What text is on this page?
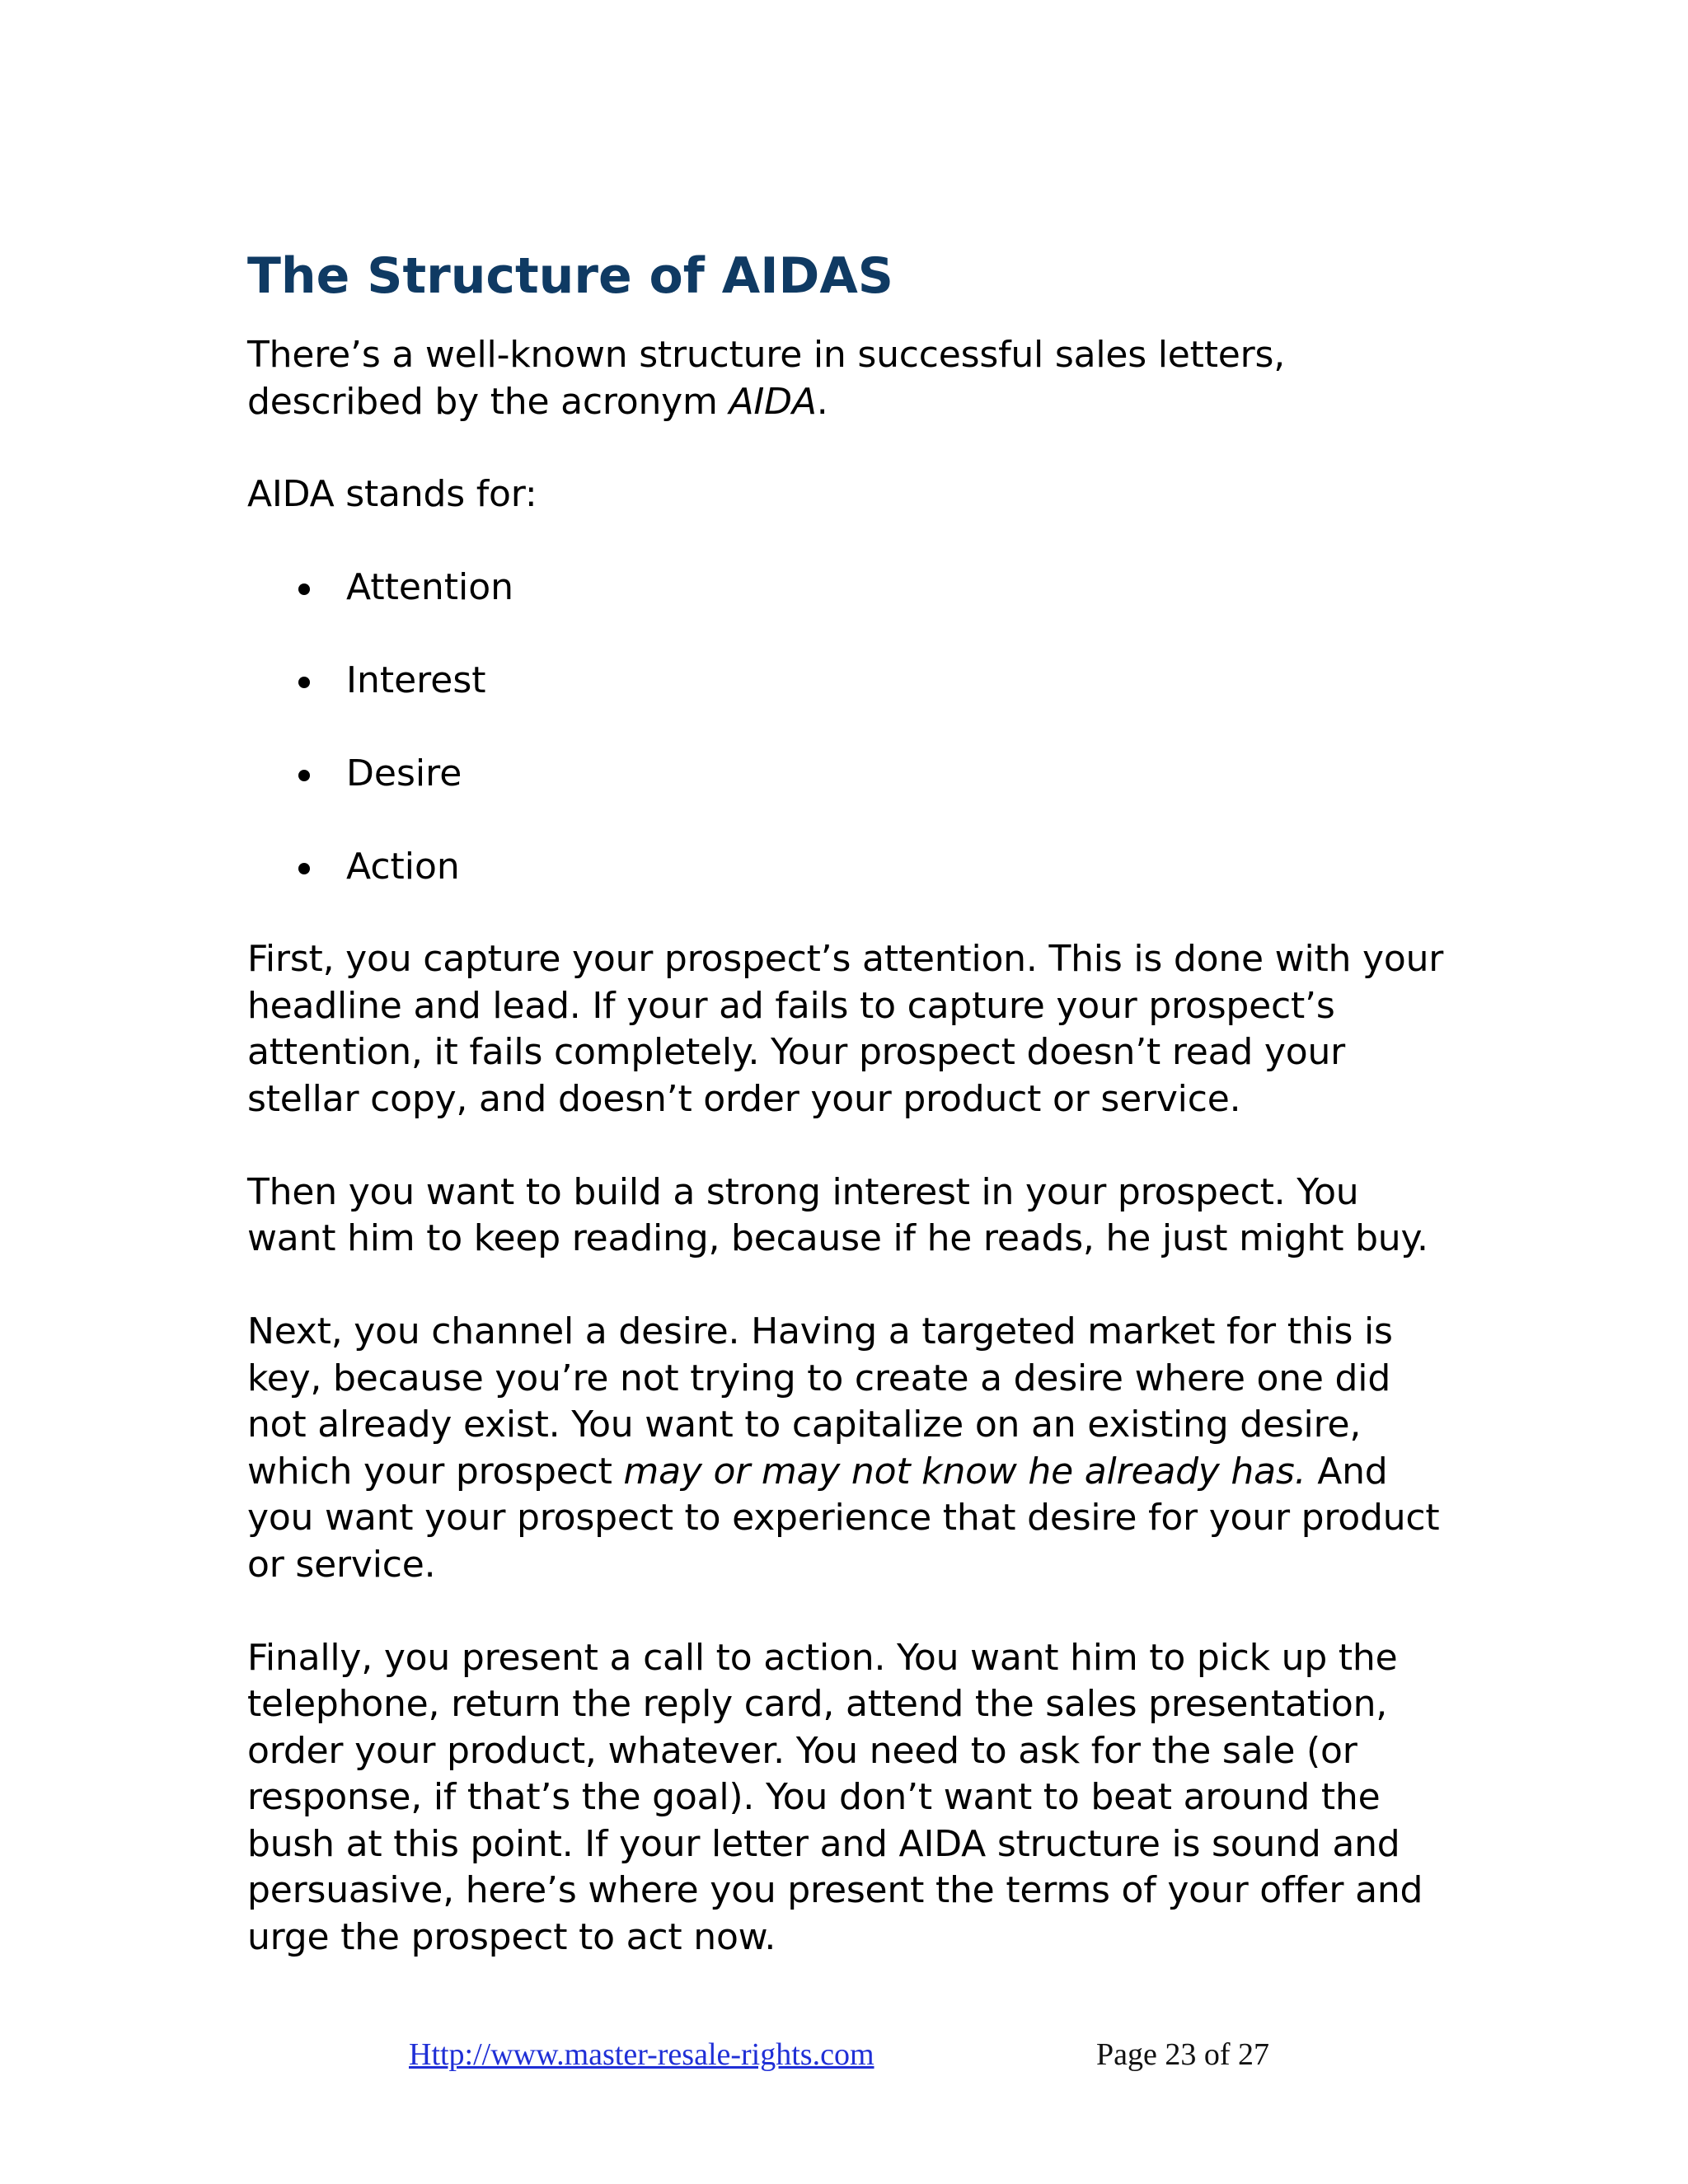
The Structure of AIDAS

There’s a well-known structure in successful sales letters, described by the acronym AIDA.

AIDA stands for:

Attention
Interest
Desire
Action

First, you capture your prospect’s attention. This is done with your headline and lead. If your ad fails to capture your prospect’s attention, it fails completely. Your prospect doesn’t read your stellar copy, and doesn’t order your product or service.

Then you want to build a strong interest in your prospect. You want him to keep reading, because if he reads, he just might buy.

Next, you channel a desire. Having a targeted market for this is key, because you’re not trying to create a desire where one did not already exist. You want to capitalize on an existing desire, which your prospect may or may not know he already has. And you want your prospect to experience that desire for your product or service.

Finally, you present a call to action. You want him to pick up the telephone, return the reply card, attend the sales presentation, order your product, whatever. You need to ask for the sale (or response, if that’s the goal). You don’t want to beat around the bush at this point. If your letter and AIDA structure is sound and persuasive, here’s where you present the terms of your offer and urge the prospect to act now.

Http://www.master-resale-rights.com	Page 23 of 27
